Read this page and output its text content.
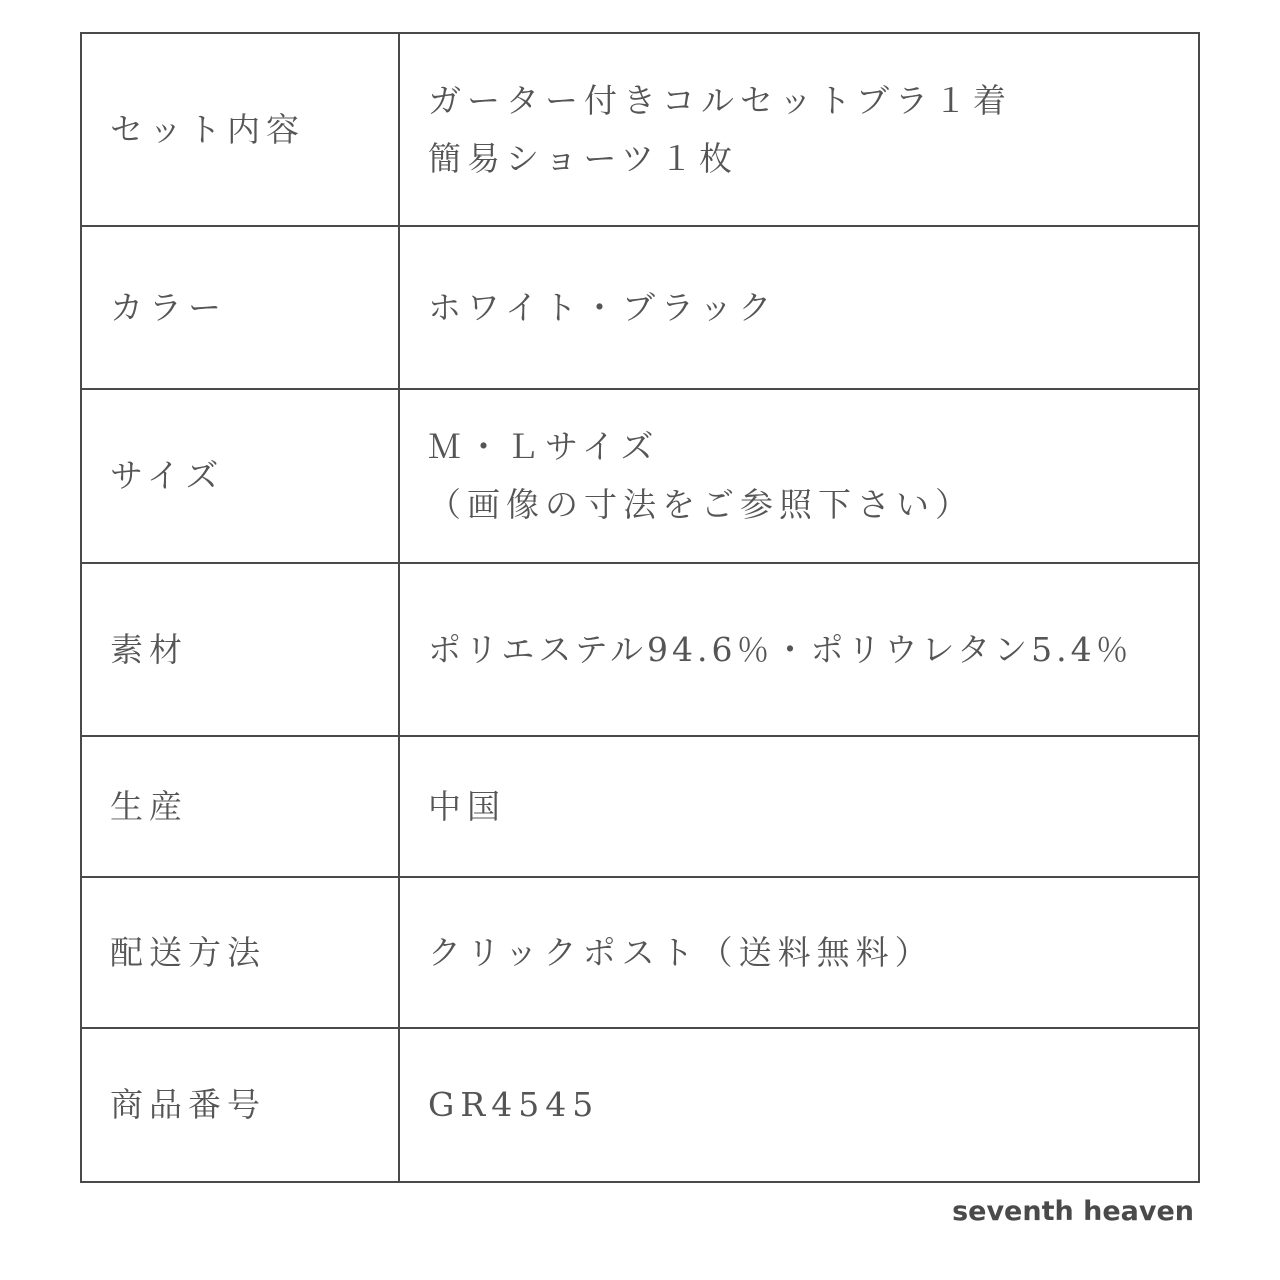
セット内容	ガーター付きコルセットブラ１着
簡易ショーツ１枚

カラー	ホワイト・ブラック

サイズ	Ｍ・Ｌサイズ
（画像の寸法をご参照下さい）

素材	ポリエステル94.6％・ポリウレタン5.4％

生産	中国

配送方法	クリックポスト（送料無料）

商品番号	GR4545
seventh heaven
